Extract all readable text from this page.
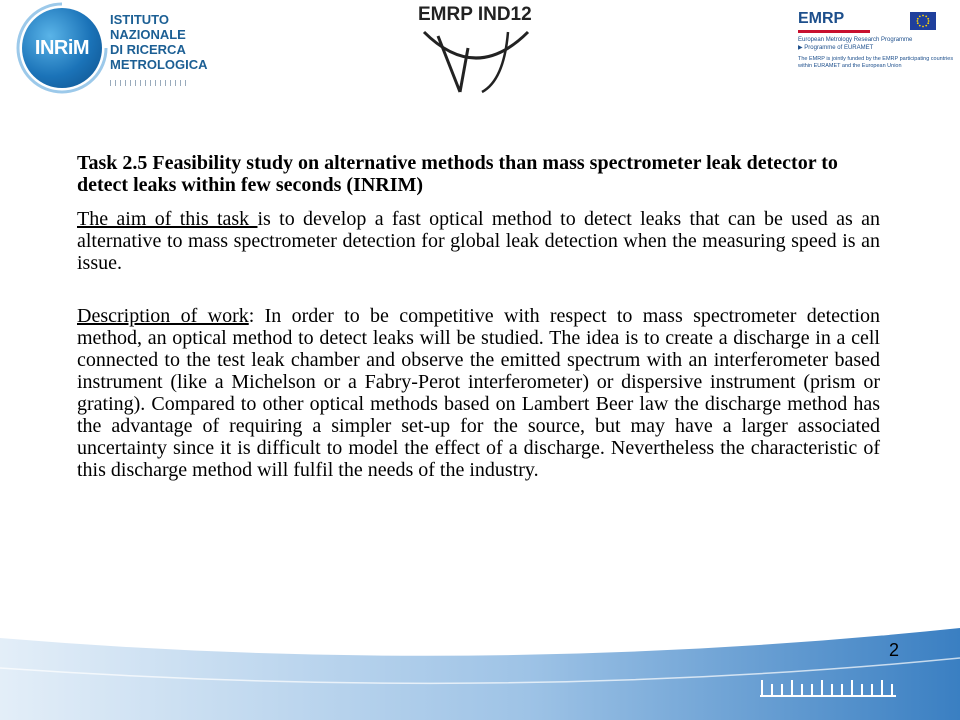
INRiM
ISTITUTO
NAZIONALE
DI RICERCA
METROLOGICA
EMRP IND12	EMRP
European Metrology Research Programme
▶ Programme of EURAMET
The EMRP is jointly funded by the EMRP participating countries
within EURAMET and the European Union

Task 2.5 Feasibility study on alternative methods than mass spectrometer leak detector to detect leaks within few seconds (INRIM)

The aim of this task is to develop a fast optical method to detect leaks that can be used as an alternative to mass spectrometer detection for global leak detection when the measuring speed is an issue.

Description of work: In order to be competitive with respect to mass spectrometer detection method, an optical method to detect leaks will be studied. The idea is to create a discharge in a cell connected to the test leak chamber and observe the emitted spectrum with an interferometer based instrument (like a Michelson or a Fabry-Perot interferometer) or dispersive instrument (prism or grating). Compared to other optical methods based on Lambert Beer law the discharge method has the advantage of requiring a simpler set-up for the source, but may have a larger associated uncertainty since it is difficult to model the effect of a discharge. Nevertheless the characteristic of this discharge method will fulfil the needs of the industry.

2
